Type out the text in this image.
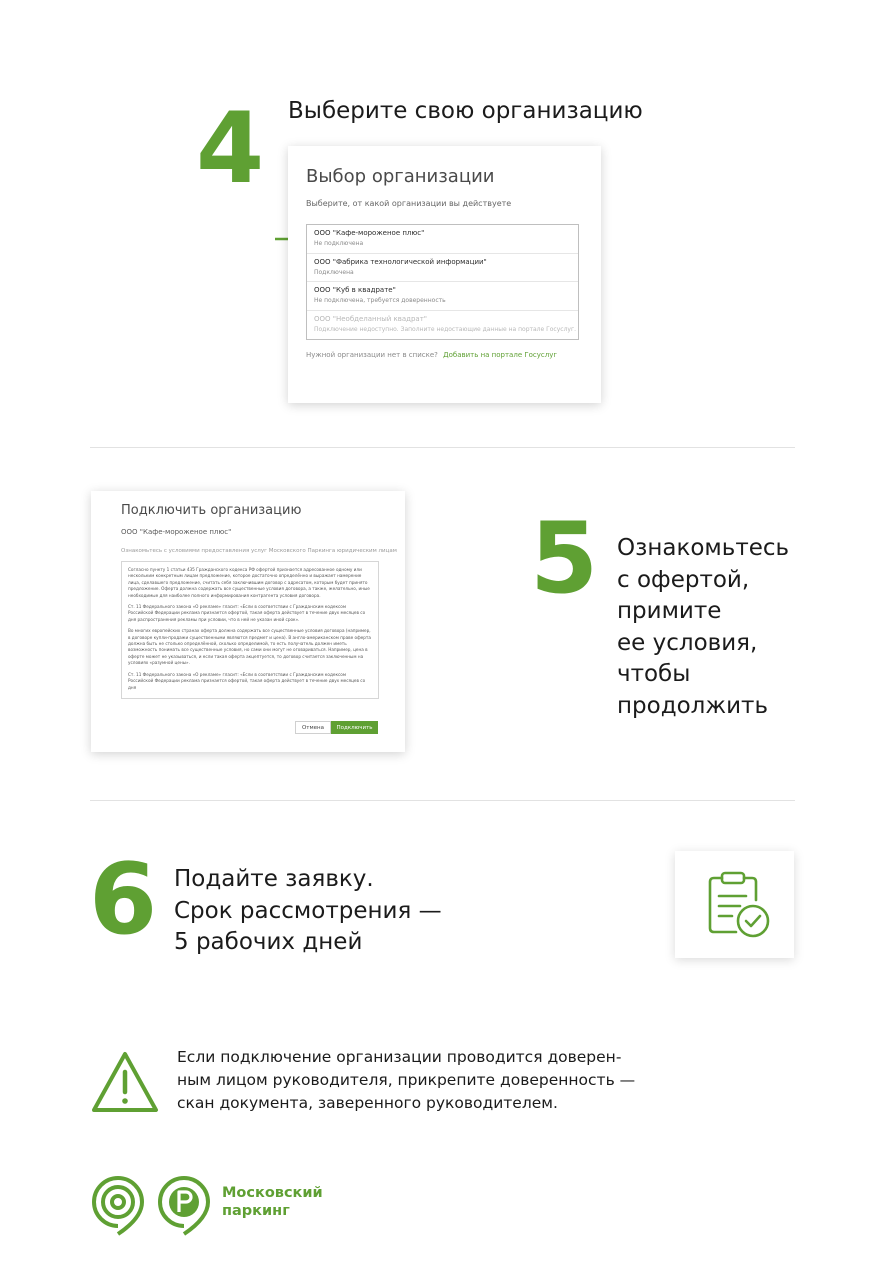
4 Выберите свою организацию
Выбор организации
Выберите, от какой организации вы действуете
ООО "Кафе-мороженое плюс"
Не подключена
ООО "Фабрика технологической информации"
Подключена
ООО "Куб в квадрате"
Не подключена, требуется доверенность
ООО "Необделанный квадрат"
Подключение недоступно. Заполните недостающие данные на портале Госуслуг.
Нужной организации нет в списке? Добавить на портале Госуслуг
Подключить организацию
ООО "Кафе-мороженое плюс"
Ознакомьтесь с условиями предоставления услуг Московского Паркинга юридическим лицам

Согласно пункту 1 статьи 435 Гражданского кодекса РФ офертой признается адресованное одному или нескольким конкретным лицам предложение, которое достаточно определённо и выражает намерение лица, сделавшего предложение, считать себя заключившим договор с адресатом, которым будет принято предложение. Оферта должна содержать все существенные условия договора, а также, желательно, иные необходимые для наиболее полного информирования контрагента условия договора.

Ст. 11 Федерального закона «О рекламе» гласит: «Если в соответствии с Гражданским кодексом Российской Федерации реклама признается офертой, такая оферта действует в течение двух месяцев со дня распространения рекламы при условии, что в ней не указан иной срок».

Во многих европейских странах оферта должна содержать все существенные условия договора (например, в договоре купли-продажи существенными являются предмет и цена). В англо-американском праве оферта должна быть не столько определённой, сколько определимой, то есть получатель должен иметь возможность понимать все существенные условия, но сами они могут не оговариваться. Например, цена в оферте может не указываться, и если такая оферта акцептуется, то договор считается заключенным на условиях «разумной цены».

Ст. 11 Федерального закона «О рекламе» гласит: «Если в соответствии с Гражданским кодексом Российской Федерации реклама признается офертой, такая оферта действует в течение двух месяцев со дня

Отмена	Подключить
5 Ознакомьтесь
с офертой,
примите
ее условия,
чтобы
продолжить
6 Подайте заявку.
Срок рассмотрения —
5 рабочих дней
Если подключение организации проводится доверен-
ным лицом руководителя, прикрепите доверенность —
скан документа, заверенного руководителем.
Московский
паркинг
